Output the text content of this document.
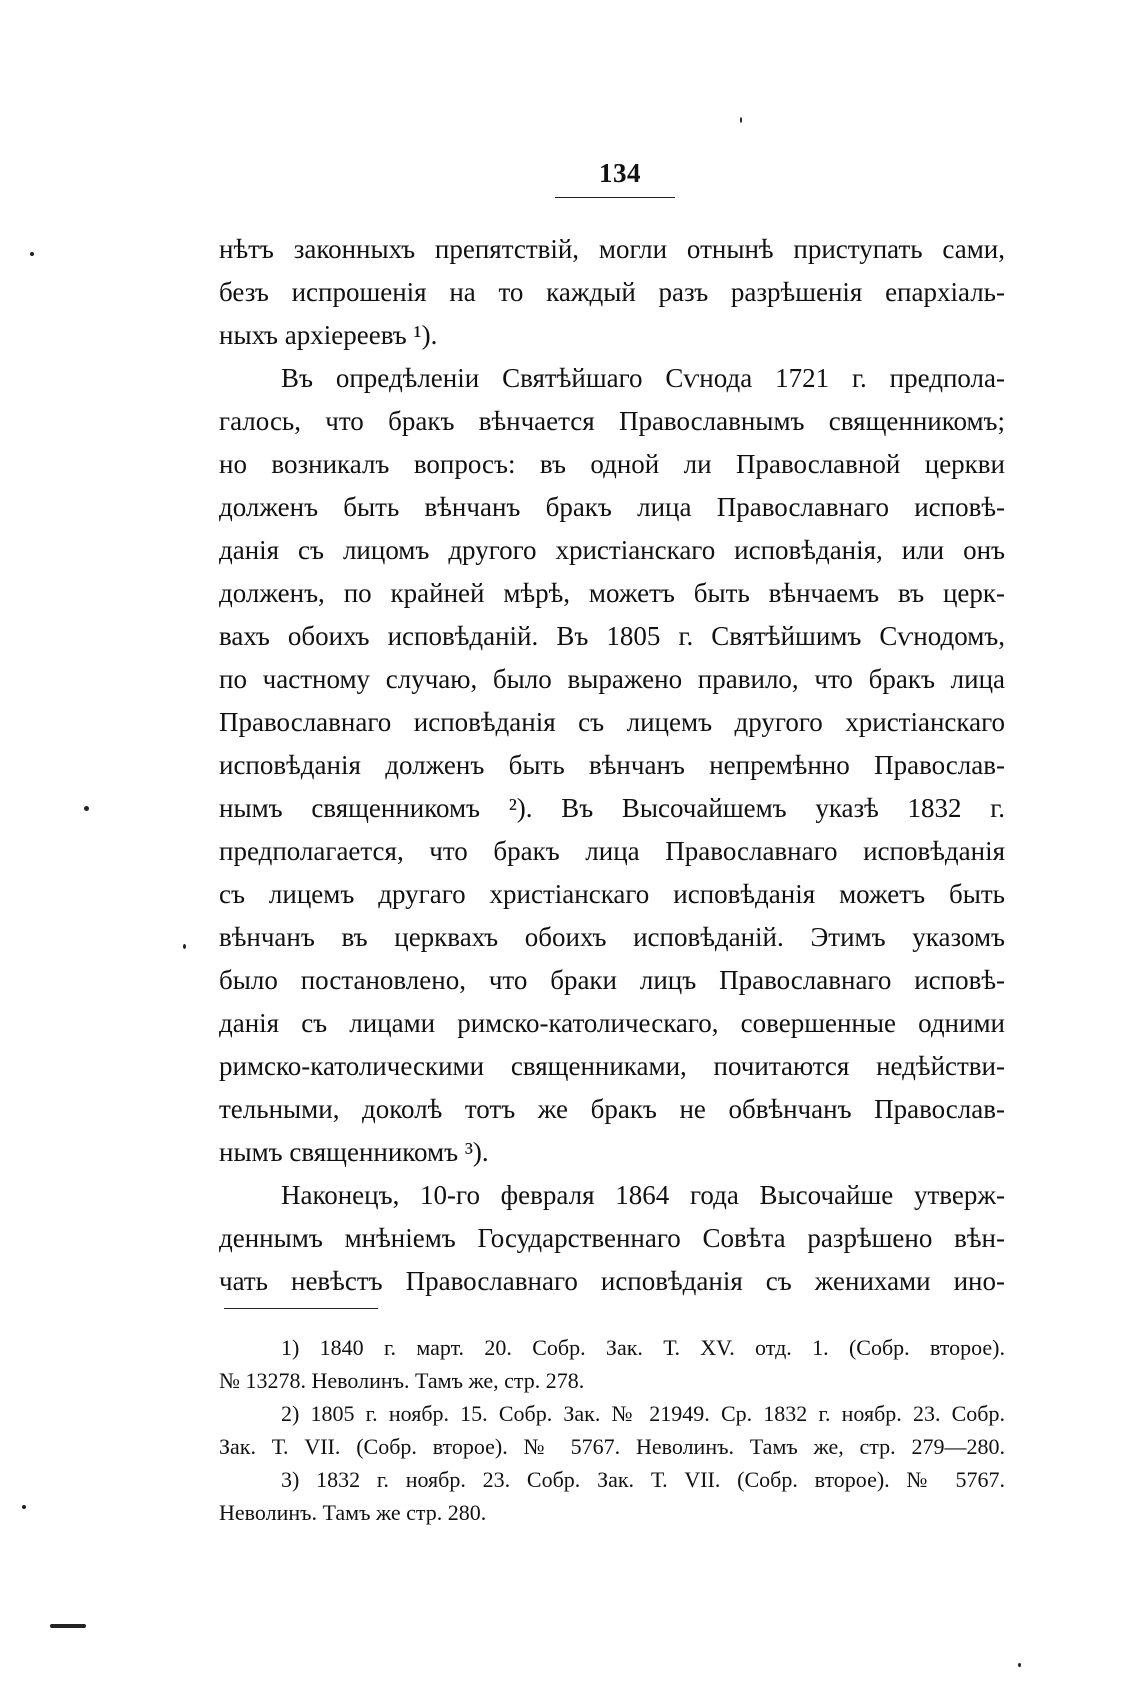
134
нѣтъ законныхъ препятствій, могли отнынѣ приступать сами,
безъ испрошенія на то каждый разъ разрѣшенія епархіаль-
ныхъ архіереевъ ¹).
Въ опредѣленіи Святѣйшаго Сѵнода 1721 г. предпола-
галось, что бракъ вѣнчается Православнымъ священникомъ;
но возникалъ вопросъ: въ одной ли Православной церкви
долженъ быть вѣнчанъ бракъ лица Православнаго исповѣ-
данія съ лицомъ другого христіанскаго исповѣданія, или онъ
долженъ, по крайней мѣрѣ, можетъ быть вѣнчаемъ въ церк-
вахъ обоихъ исповѣданій. Въ 1805 г. Святѣйшимъ Сѵнодомъ,
по частному случаю, было выражено правило, что бракъ лица
Православнаго исповѣданія съ лицемъ другого христіанскаго
исповѣданія долженъ быть вѣнчанъ непремѣнно Православ-
нымъ священникомъ ²). Въ Высочайшемъ указѣ 1832 г.
предполагается, что бракъ лица Православнаго исповѣданія
съ лицемъ другаго христіанскаго исповѣданія можетъ быть
вѣнчанъ въ церквахъ обоихъ исповѣданій. Этимъ указомъ
было постановлено, что браки лицъ Православнаго исповѣ-
данія съ лицами римско-католическаго, совершенные одними
римско-католическими священниками, почитаются недѣйстви-
тельными, доколѣ тотъ же бракъ не обвѣнчанъ Православ-
нымъ священникомъ ³).
Наконецъ, 10-го февраля 1864 года Высочайше утверж-
деннымъ мнѣніемъ Государственнаго Совѣта разрѣшено вѣн-
чать невѣстъ Православнаго исповѣданія съ женихами ино-
1) 1840 г. март. 20. Собр. Зак. Т. XV. отд. 1. (Собр. второе).
№ 13278. Неволинъ. Тамъ же, стр. 278.
2) 1805 г. ноябр. 15. Собр. Зак. № 21949. Ср. 1832 г. ноябр. 23. Собр.
Зак. Т. VII. (Собр. второе). № 5767. Неволинъ. Тамъ же, стр. 279—280.
3) 1832 г. ноябр. 23. Собр. Зак. Т. VII. (Собр. второе). № 5767.
Неволинъ. Тамъ же стр. 280.
